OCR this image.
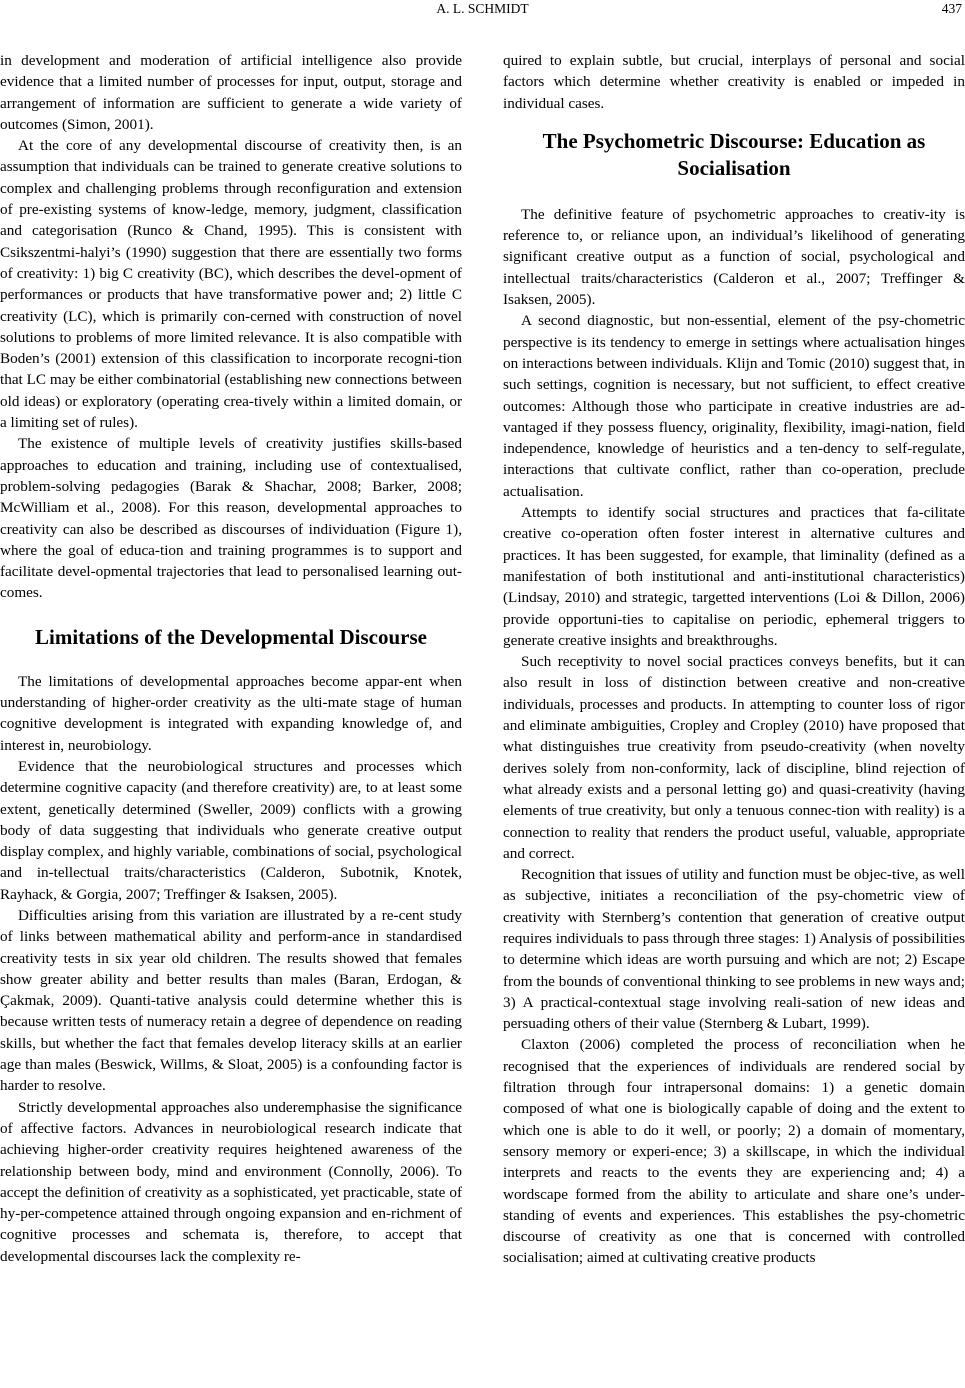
A. L. SCHMIDT	437

in development and moderation of artificial intelligence also provide evidence that a limited number of processes for input, output, storage and arrangement of information are sufficient to generate a wide variety of outcomes (Simon, 2001).

At the core of any developmental discourse of creativity then, is an assumption that individuals can be trained to generate creative solutions to complex and challenging problems through reconfiguration and extension of pre-existing systems of know-ledge, memory, judgment, classification and categorisation (Runco & Chand, 1995). This is consistent with Csikszentmi-halyi’s (1990) suggestion that there are essentially two forms of creativity: 1) big C creativity (BC), which describes the devel-opment of performances or products that have transformative power and; 2) little C creativity (LC), which is primarily con-cerned with construction of novel solutions to problems of more limited relevance. It is also compatible with Boden’s (2001) extension of this classification to incorporate recogni-tion that LC may be either combinatorial (establishing new connections between old ideas) or exploratory (operating crea-tively within a limited domain, or a limiting set of rules).

The existence of multiple levels of creativity justifies skills-based approaches to education and training, including use of contextualised, problem-solving pedagogies (Barak & Shachar, 2008; Barker, 2008; McWilliam et al., 2008). For this reason, developmental approaches to creativity can also be described as discourses of individuation (Figure 1), where the goal of educa-tion and training programmes is to support and facilitate devel-opmental trajectories that lead to personalised learning out-comes.

Limitations of the Developmental Discourse

The limitations of developmental approaches become appar-ent when understanding of higher-order creativity as the ulti-mate stage of human cognitive development is integrated with expanding knowledge of, and interest in, neurobiology.

Evidence that the neurobiological structures and processes which determine cognitive capacity (and therefore creativity) are, to at least some extent, genetically determined (Sweller, 2009) conflicts with a growing body of data suggesting that individuals who generate creative output display complex, and highly variable, combinations of social, psychological and in-tellectual traits/characteristics (Calderon, Subotnik, Knotek, Rayhack, & Gorgia, 2007; Treffinger & Isaksen, 2005).

Difficulties arising from this variation are illustrated by a re-cent study of links between mathematical ability and perform-ance in standardised creativity tests in six year old children. The results showed that females show greater ability and better results than males (Baran, Erdogan, & Çakmak, 2009). Quanti-tative analysis could determine whether this is because written tests of numeracy retain a degree of dependence on reading skills, but whether the fact that females develop literacy skills at an earlier age than males (Beswick, Willms, & Sloat, 2005) is a confounding factor is harder to resolve.

Strictly developmental approaches also underemphasise the significance of affective factors. Advances in neurobiological research indicate that achieving higher-order creativity requires heightened awareness of the relationship between body, mind and environment (Connolly, 2006). To accept the definition of creativity as a sophisticated, yet practicable, state of hy-per-competence attained through ongoing expansion and en-richment of cognitive processes and schemata is, therefore, to accept that developmental discourses lack the complexity re-

quired to explain subtle, but crucial, interplays of personal and social factors which determine whether creativity is enabled or impeded in individual cases.

The Psychometric Discourse: Education as Socialisation

The definitive feature of psychometric approaches to creativ-ity is reference to, or reliance upon, an individual’s likelihood of generating significant creative output as a function of social, psychological and intellectual traits/characteristics (Calderon et al., 2007; Treffinger & Isaksen, 2005).

A second diagnostic, but non-essential, element of the psy-chometric perspective is its tendency to emerge in settings where actualisation hinges on interactions between individuals. Klijn and Tomic (2010) suggest that, in such settings, cognition is necessary, but not sufficient, to effect creative outcomes: Although those who participate in creative industries are ad-vantaged if they possess fluency, originality, flexibility, imagi-nation, field independence, knowledge of heuristics and a ten-dency to self-regulate, interactions that cultivate conflict, rather than co-operation, preclude actualisation.

Attempts to identify social structures and practices that fa-cilitate creative co-operation often foster interest in alternative cultures and practices. It has been suggested, for example, that liminality (defined as a manifestation of both institutional and anti-institutional characteristics) (Lindsay, 2010) and strategic, targetted interventions (Loi & Dillon, 2006) provide opportuni-ties to capitalise on periodic, ephemeral triggers to generate creative insights and breakthroughs.

Such receptivity to novel social practices conveys benefits, but it can also result in loss of distinction between creative and non-creative individuals, processes and products. In attempting to counter loss of rigor and eliminate ambiguities, Cropley and Cropley (2010) have proposed that what distinguishes true creativity from pseudo-creativity (when novelty derives solely from non-conformity, lack of discipline, blind rejection of what already exists and a personal letting go) and quasi-creativity (having elements of true creativity, but only a tenuous connec-tion with reality) is a connection to reality that renders the product useful, valuable, appropriate and correct.

Recognition that issues of utility and function must be objec-tive, as well as subjective, initiates a reconciliation of the psy-chometric view of creativity with Sternberg’s contention that generation of creative output requires individuals to pass through three stages: 1) Analysis of possibilities to determine which ideas are worth pursuing and which are not; 2) Escape from the bounds of conventional thinking to see problems in new ways and; 3) A practical-contextual stage involving reali-sation of new ideas and persuading others of their value (Sternberg & Lubart, 1999).

Claxton (2006) completed the process of reconciliation when he recognised that the experiences of individuals are rendered social by filtration through four intrapersonal domains: 1) a genetic domain composed of what one is biologically capable of doing and the extent to which one is able to do it well, or poorly; 2) a domain of momentary, sensory memory or experi-ence; 3) a skillscape, in which the individual interprets and reacts to the events they are experiencing and; 4) a wordscape formed from the ability to articulate and share one’s under-standing of events and experiences. This establishes the psy-chometric discourse of creativity as one that is concerned with controlled socialisation; aimed at cultivating creative products
